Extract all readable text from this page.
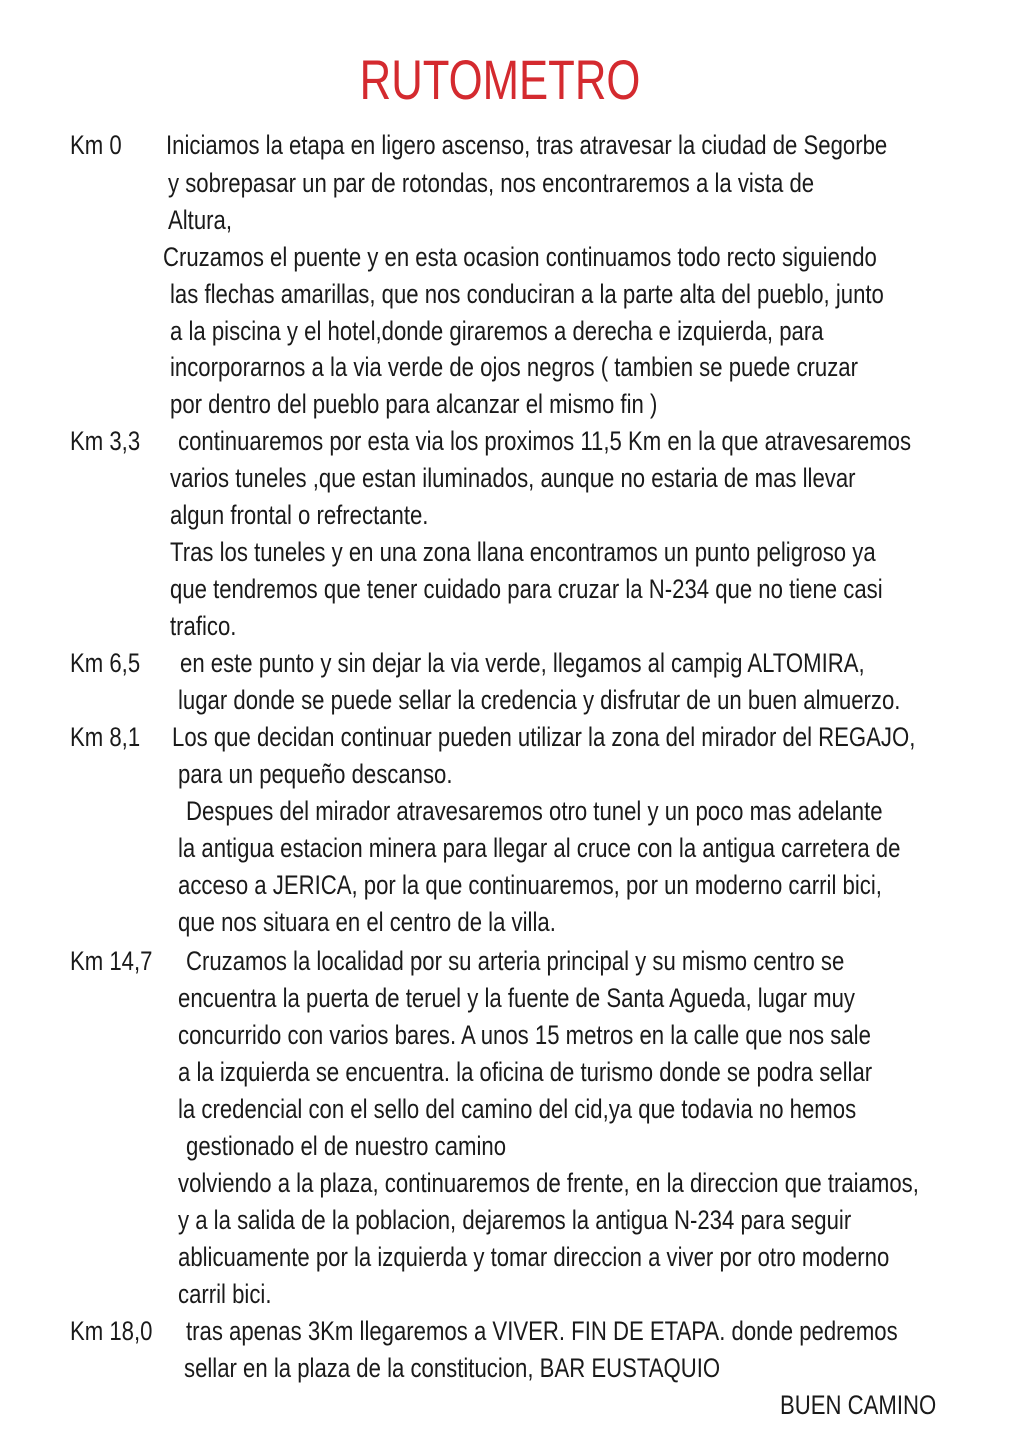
RUTOMETRO
Km 0 Iniciamos la etapa en ligero ascenso, tras atravesar la ciudad de Segorbe
y sobrepasar un par de rotondas, nos encontraremos a la vista de
Altura,
Cruzamos el puente y en esta ocasion continuamos todo recto siguiendo
las flechas amarillas, que nos conduciran a la parte alta del pueblo, junto
a la piscina y el hotel,donde giraremos a derecha e izquierda, para
incorporarnos a la via verde de ojos negros ( tambien se puede cruzar
por dentro del pueblo para alcanzar el mismo fin )
Km 3,3 continuaremos por esta via los proximos 11,5 Km en la que atravesaremos
varios tuneles ,que estan iluminados, aunque no estaria de mas llevar
algun frontal o refrectante.
Tras los tuneles y en una zona llana encontramos un punto peligroso ya
que tendremos que tener cuidado para cruzar la N-234 que no tiene casi
trafico.
Km 6,5 en este punto y sin dejar la via verde, llegamos al campig ALTOMIRA,
lugar donde se puede sellar la credencia y disfrutar de un buen almuerzo.
Km 8,1 Los que decidan continuar pueden utilizar la zona del mirador del REGAJO,
para un pequeño descanso.
Despues del mirador atravesaremos otro tunel y un poco mas adelante
la antigua estacion minera para llegar al cruce con la antigua carretera de
acceso a JERICA, por la que continuaremos, por un moderno carril bici,
que nos situara en el centro de la villa.
Km 14,7 Cruzamos la localidad por su arteria principal y su mismo centro se
encuentra la puerta de teruel y la fuente de Santa Agueda, lugar muy
concurrido con varios bares. A unos 15 metros en la calle que nos sale
a la izquierda se encuentra. la oficina de turismo donde se podra sellar
la credencial con el sello del camino del cid,ya que todavia no hemos
gestionado el de nuestro camino
volviendo a la plaza, continuaremos de frente, en la direccion que traiamos,
y a la salida de la poblacion, dejaremos la antigua N-234 para seguir
ablicuamente por la izquierda y tomar direccion a viver por otro moderno
carril bici.
Km 18,0 tras apenas 3Km llegaremos a VIVER. FIN DE ETAPA. donde pedremos
sellar en la plaza de la constitucion, BAR EUSTAQUIO
BUEN CAMINO
